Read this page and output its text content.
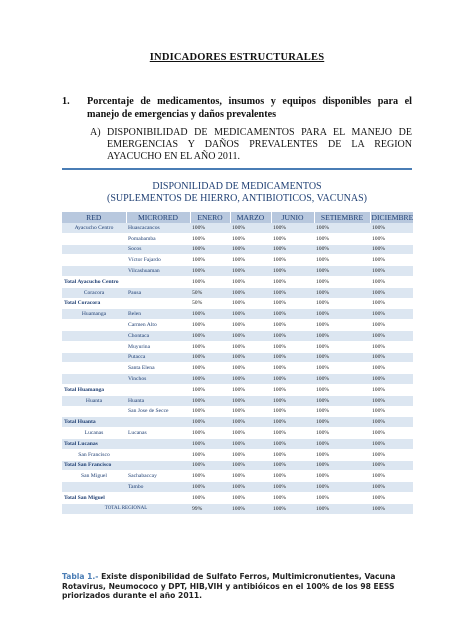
INDICADORES ESTRUCTURALES
1. Porcentaje de medicamentos, insumos y equipos disponibles para el manejo de emergencias y daños prevalentes
A) DISPONIBILIDAD DE MEDICAMENTOS PARA EL MANEJO DE EMERGENCIAS Y DAÑOS PREVALENTES DE LA REGION AYACUCHO EN EL AÑO 2011.
DISPONILIDAD DE MEDICAMENTOS
(SUPLEMENTOS DE HIERRO, ANTIBIOTICOS, VACUNAS)
RED	MICRORED	ENERO	MARZO	JUNIO	SETIEMBRE	DICIEMBRE
Ayacucho Centro	Huascacancos	100%	100%	100%	100%	100%
	Pomabamba	100%	100%	100%	100%	100%
	Socos	100%	100%	100%	100%	100%
	Víctor Fajardo	100%	100%	100%	100%	100%
	Vilcashuaman	100%	100%	100%	100%	100%
Total Ayacucho Centro		100%	100%	100%	100%	100%
Coracora	Pausa	50%	100%	100%	100%	100%
Total Coracora		50%	100%	100%	100%	100%
Huamanga	Belen	100%	100%	100%	100%	100%
	Carmen Alto	100%	100%	100%	100%	100%
	Chontaca	100%	100%	100%	100%	100%
	Muyurina	100%	100%	100%	100%	100%
	Putacca	100%	100%	100%	100%	100%
	Santa Elena	100%	100%	100%	100%	100%
	Vinchos	100%	100%	100%	100%	100%
Total Huamanga		100%	100%	100%	100%	100%
Huanta	Huanta	100%	100%	100%	100%	100%
	San Jose de Secce	100%	100%	100%	100%	100%
Total Huanta		100%	100%	100%	100%	100%
Lucanas	Lucanas	100%	100%	100%	100%	100%
Total Lucanas		100%	100%	100%	100%	100%
San Francisco		100%	100%	100%	100%	100%
Total San Francisco		100%	100%	100%	100%	100%
San Miguel	Sachabaccay	100%	100%	100%	100%	100%
	Tambo	100%	100%	100%	100%	100%
Total San Miguel		100%	100%	100%	100%	100%
TOTAL REGIONAL		99%	100%	100%	100%	100%
Tabla 1.- Existe disponibilidad de Sulfato Ferros, Multimicronutientes, Vacuna Rotavirus, Neumococo y DPT, HIB,VIH y antibióicos en el 100% de los 98 EESS priorizados durante el año 2011.
